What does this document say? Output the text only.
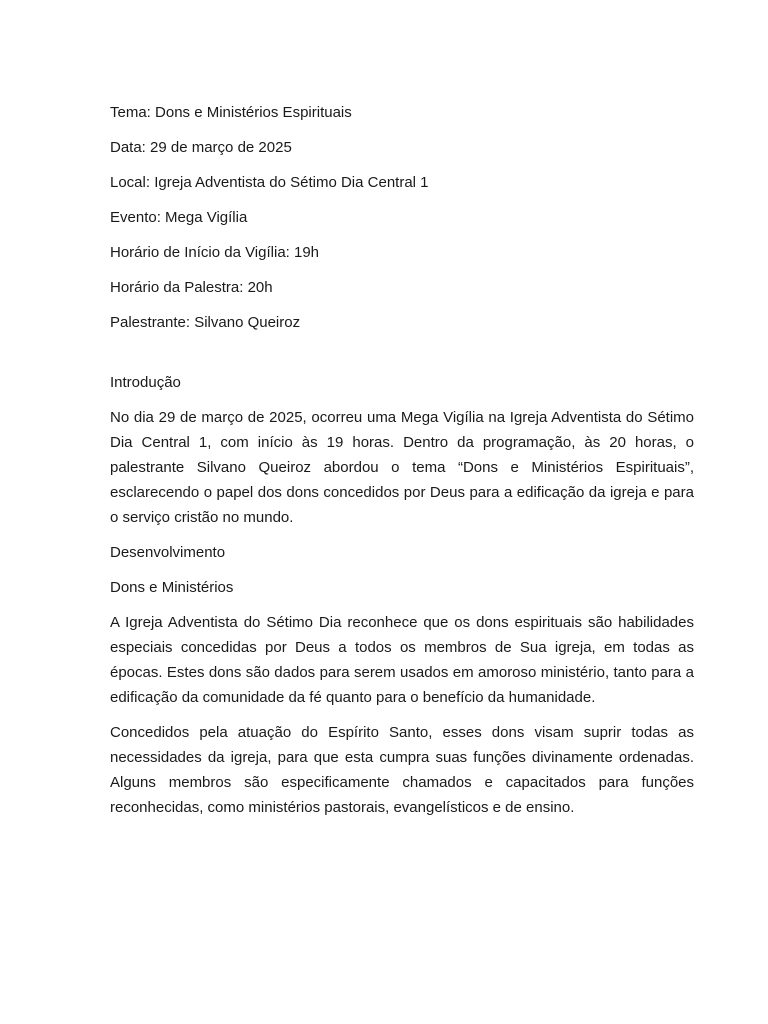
Tema: Dons e Ministérios Espirituais

Data: 29 de março de 2025

Local: Igreja Adventista do Sétimo Dia Central 1

Evento: Mega Vigília

Horário de Início da Vigília: 19h

Horário da Palestra: 20h

Palestrante: Silvano Queiroz

Introdução

No dia 29 de março de 2025, ocorreu uma Mega Vigília na Igreja Adventista do Sétimo Dia Central 1, com início às 19 horas. Dentro da programação, às 20 horas, o palestrante Silvano Queiroz abordou o tema “Dons e Ministérios Espirituais”, esclarecendo o papel dos dons concedidos por Deus para a edificação da igreja e para o serviço cristão no mundo.

Desenvolvimento

Dons e Ministérios

A Igreja Adventista do Sétimo Dia reconhece que os dons espirituais são habilidades especiais concedidas por Deus a todos os membros de Sua igreja, em todas as épocas. Estes dons são dados para serem usados em amoroso ministério, tanto para a edificação da comunidade da fé quanto para o benefício da humanidade.

Concedidos pela atuação do Espírito Santo, esses dons visam suprir todas as necessidades da igreja, para que esta cumpra suas funções divinamente ordenadas. Alguns membros são especificamente chamados e capacitados para funções reconhecidas, como ministérios pastorais, evangelísticos e de ensino.
